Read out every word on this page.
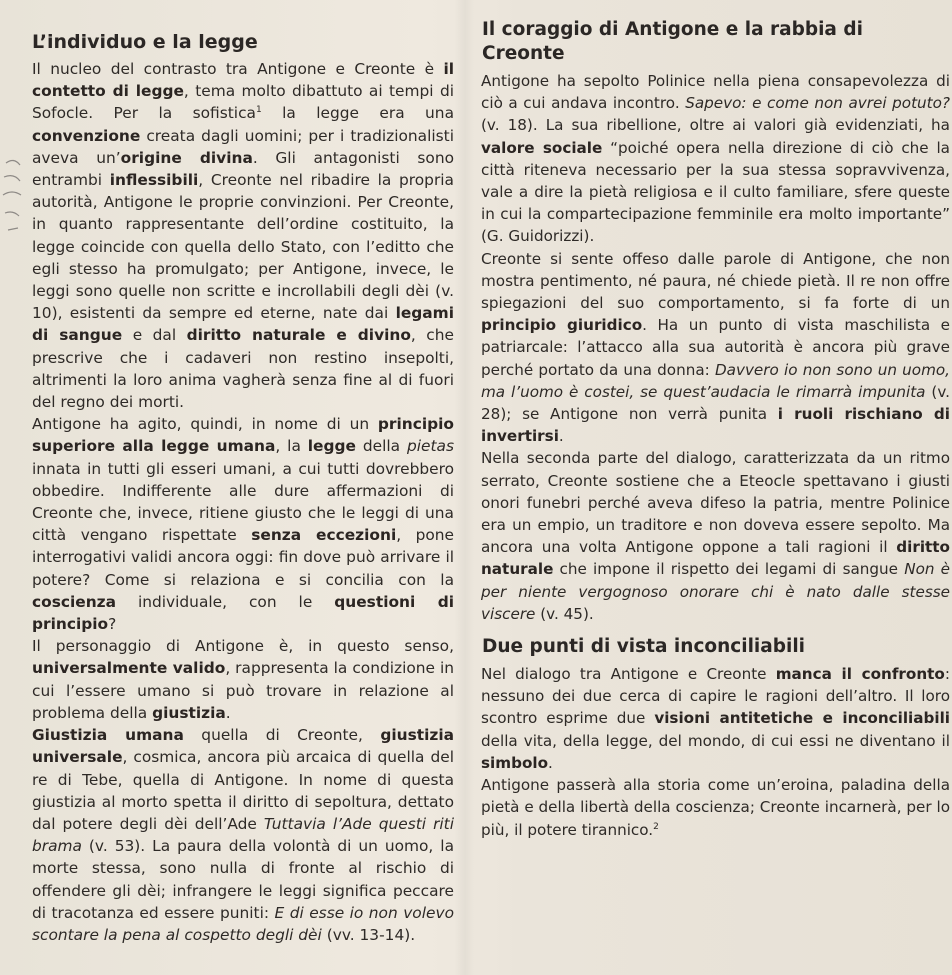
L’individuo e la legge

Il nucleo del contrasto tra Antigone e Creonte è il contetto di legge, tema molto dibattuto ai tempi di Sofocle. Per la sofistica$^1$ la legge era una convenzione creata dagli uomini; per i tradizionalisti aveva un’origine divina. Gli antagonisti sono entrambi inflessibili, Creonte nel ribadire la propria autorità, Antigone le proprie convinzioni. Per Creonte, in quanto rappresentante dell’ordine costituito, la legge coincide con quella dello Stato, con l’editto che egli stesso ha promulgato; per Antigone, invece, le leggi sono quelle non scritte e incrollabili degli dèi (v. 10), esistenti da sempre ed eterne, nate dai legami di sangue e dal diritto naturale e divino, che prescrive che i cadaveri non restino insepolti, altrimenti la loro anima vagherà senza fine al di fuori del regno dei morti.

Antigone ha agito, quindi, in nome di un principio superiore alla legge umana, la legge della pietas innata in tutti gli esseri umani, a cui tutti dovrebbero obbedire. Indifferente alle dure affermazioni di Creonte che, invece, ritiene giusto che le leggi di una città vengano rispettate senza eccezioni, pone interrogativi validi ancora oggi: fin dove può arrivare il potere? Come si relaziona e si concilia con la coscienza individuale, con le questioni di principio?

Il personaggio di Antigone è, in questo senso, universalmente valido, rappresenta la condizione in cui l’essere umano si può trovare in relazione al problema della giustizia.

Giustizia umana quella di Creonte, giustizia universale, cosmica, ancora più arcaica di quella del re di Tebe, quella di Antigone. In nome di questa giustizia al morto spetta il diritto di sepoltura, dettato dal potere degli dèi dell’Ade Tuttavia l’Ade questi riti brama (v. 53). La paura della volontà di un uomo, la morte stessa, sono nulla di fronte al rischio di offendere gli dèi; infrangere le leggi significa peccare di tracotanza ed essere puniti: E di esse io non volevo scontare la pena al cospetto degli dèi (vv. 13-14).

Il coraggio di Antigone e la rabbia di Creonte

Antigone ha sepolto Polinice nella piena consapevolezza di ciò a cui andava incontro. Sapevo: e come non avrei potuto? (v. 18). La sua ribellione, oltre ai valori già evidenziati, ha valore sociale “poiché opera nella direzione di ciò che la città riteneva necessario per la sua stessa sopravvivenza, vale a dire la pietà religiosa e il culto familiare, sfere queste in cui la compartecipazione femminile era molto importante” (G. Guidorizzi).

Creonte si sente offeso dalle parole di Antigone, che non mostra pentimento, né paura, né chiede pietà. Il re non offre spiegazioni del suo comportamento, si fa forte di un principio giuridico. Ha un punto di vista maschilista e patriarcale: l’attacco alla sua autorità è ancora più grave perché portato da una donna: Davvero io non sono un uomo, ma l’uomo è costei, se quest’audacia le rimarrà impunita (v. 28); se Antigone non verrà punita i ruoli rischiano di invertirsi.

Nella seconda parte del dialogo, caratterizzata da un ritmo serrato, Creonte sostiene che a Eteocle spettavano i giusti onori funebri perché aveva difeso la patria, mentre Polinice era un empio, un traditore e non doveva essere sepolto. Ma ancora una volta Antigone oppone a tali ragioni il diritto naturale che impone il rispetto dei legami di sangue Non è per niente vergognoso onorare chi è nato dalle stesse viscere (v. 45).

Due punti di vista inconciliabili

Nel dialogo tra Antigone e Creonte manca il confronto: nessuno dei due cerca di capire le ragioni dell’altro. Il loro scontro esprime due visioni antitetiche e inconciliabili della vita, della legge, del mondo, di cui essi ne diventano il simbolo.

Antigone passerà alla storia come un’eroina, paladina della pietà e della libertà della coscienza; Creonte incarnerà, per lo più, il potere tirannico.$^2$
